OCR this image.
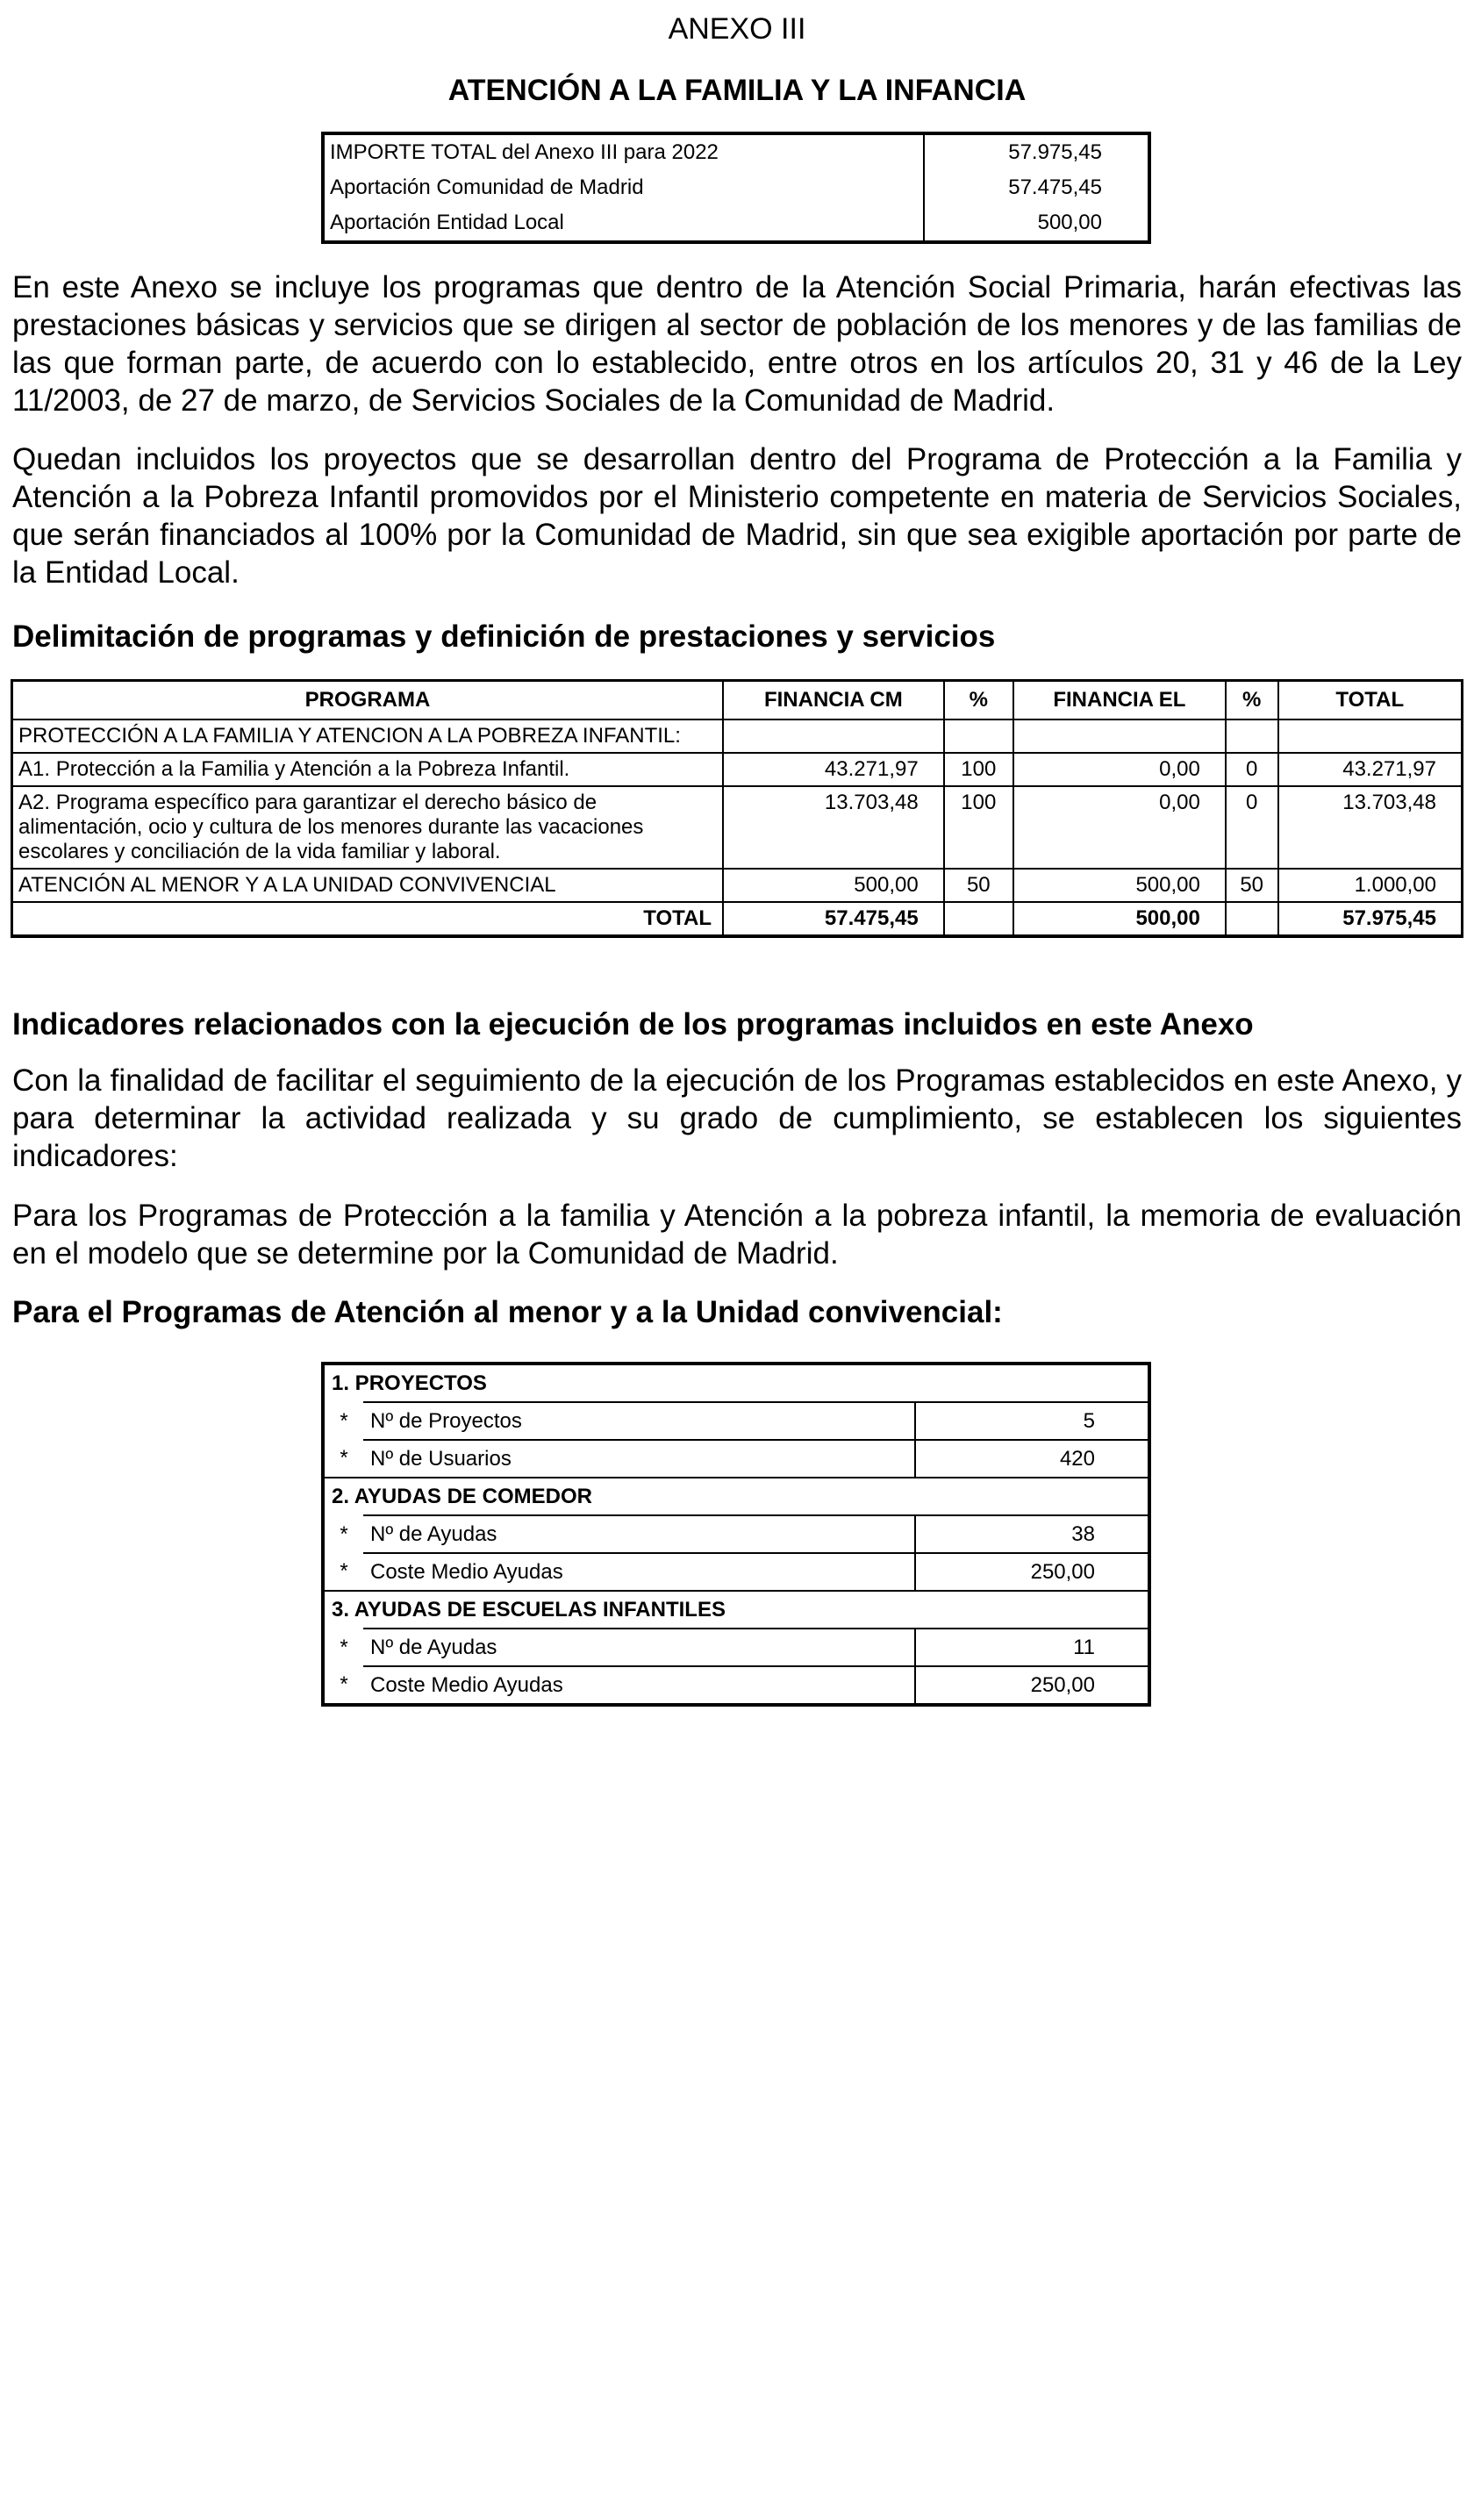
ANEXO III
ATENCIÓN A LA FAMILIA Y LA INFANCIA
IMPORTE TOTAL del Anexo III para 2022	57.975,45
Aportación Comunidad de Madrid	57.475,45
Aportación Entidad Local	500,00

En este Anexo se incluye los programas que dentro de la Atención Social Primaria, harán efectivas las prestaciones básicas y servicios que se dirigen al sector de población de los menores y de las familias de las que forman parte, de acuerdo con lo establecido, entre otros en los artículos 20, 31 y 46 de la Ley 11/2003, de 27 de marzo, de Servicios Sociales de la Comunidad de Madrid.

Quedan incluidos los proyectos que se desarrollan dentro del Programa de Protección a la Familia y Atención a la Pobreza Infantil promovidos por el Ministerio competente en materia de Servicios Sociales, que serán financiados al 100% por la Comunidad de Madrid, sin que sea exigible aportación por parte de la Entidad Local.

Delimitación de programas y definición de prestaciones y servicios
PROGRAMA	FINANCIA CM	%	FINANCIA EL	%	TOTAL
PROTECCIÓN A LA FAMILIA Y ATENCION A LA POBREZA INFANTIL:					
A1. Protección a la Familia y Atención a la Pobreza Infantil.	43.271,97	100	0,00	0	43.271,97
A2. Programa específico para garantizar el derecho básico de alimentación, ocio y cultura de los menores durante las vacaciones escolares y conciliación de la vida familiar y laboral.	13.703,48	100	0,00	0	13.703,48
ATENCIÓN AL MENOR Y A LA UNIDAD CONVIVENCIAL	500,00	50	500,00	50	1.000,00
TOTAL	57.475,45		500,00		57.975,45
Indicadores relacionados con la ejecución de los programas incluidos en este Anexo

Con la finalidad de facilitar el seguimiento de la ejecución de los Programas establecidos en este Anexo, y para determinar la actividad realizada y su grado de cumplimiento, se establecen los siguientes indicadores:

Para los Programas de Protección a la familia y Atención a la pobreza infantil, la memoria de evaluación en el modelo que se determine por la Comunidad de Madrid.

Para el Programas de Atención al menor y a la Unidad convivencial:
1. PROYECTOS		
*	Nº de Proyectos	5
*	Nº de Usuarios	420
2. AYUDAS DE COMEDOR		
*	Nº de Ayudas	38
*	Coste Medio Ayudas	250,00
3. AYUDAS DE ESCUELAS INFANTILES		
*	Nº de Ayudas	11
*	Coste Medio Ayudas	250,00
